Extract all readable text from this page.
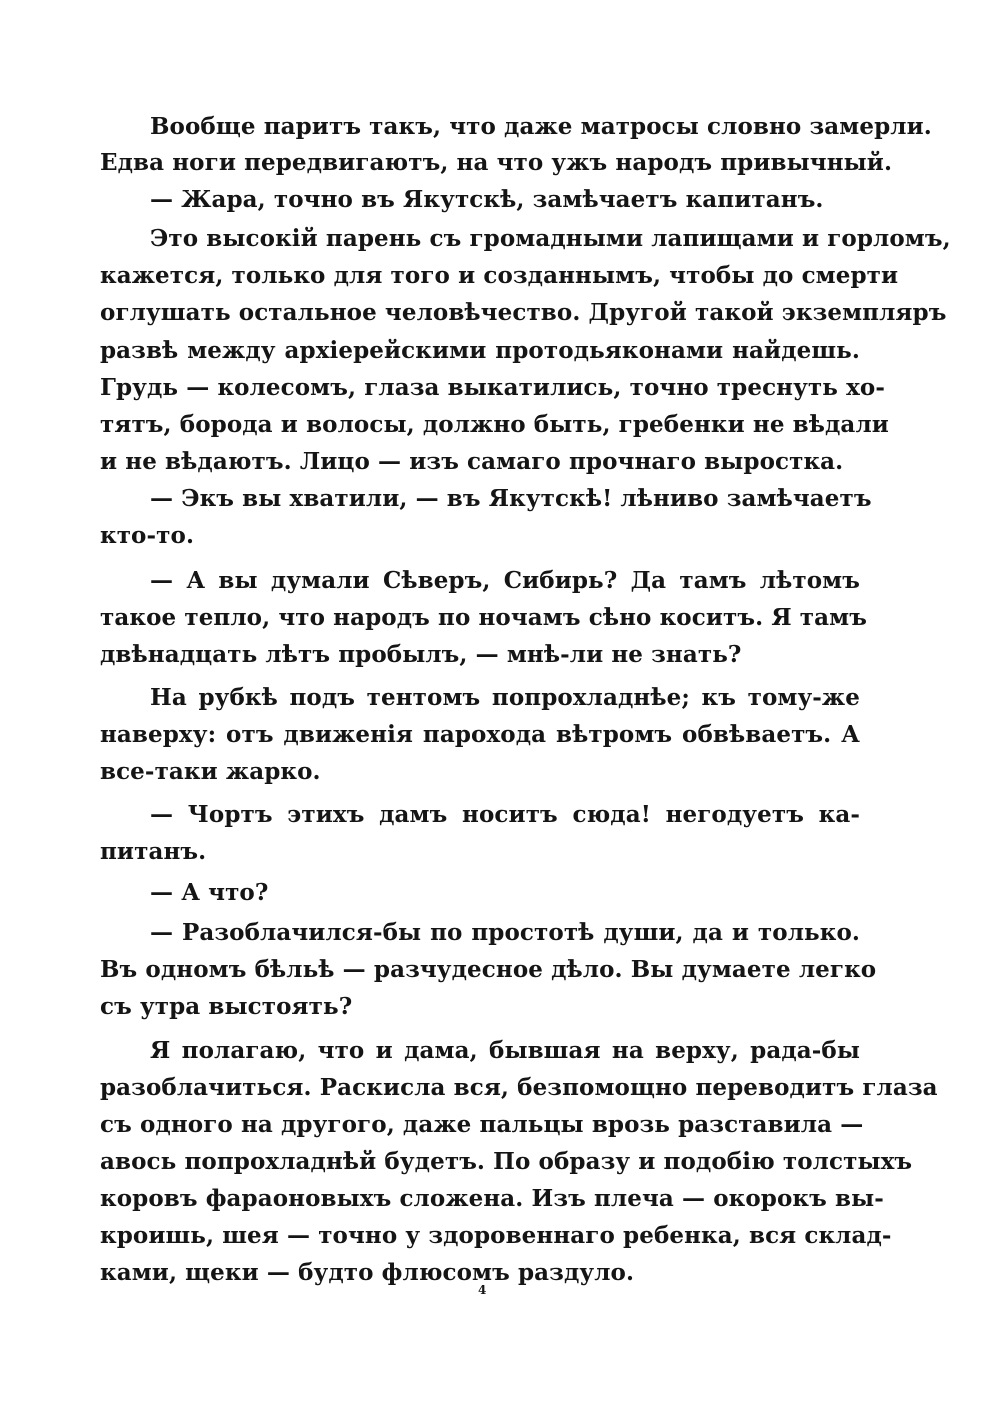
Вообще паритъ такъ, что даже матросы словно замерли.
Едва ноги передвигаютъ, на что ужъ народъ привычный.
— Жара, точно въ Якутскѣ, замѣчаетъ капитанъ.
Это высокій парень съ громадными лапищами и горломъ,
кажется, только для того и созданнымъ, чтобы до смерти
оглушать остальное человѣчество. Другой такой экземпляръ
развѣ между архіерейскими протодьяконами найдешь.
Грудь — колесомъ, глаза выкатились, точно треснуть хо-
тятъ, борода и волосы, должно быть, гребенки не вѣдали
и не вѣдаютъ. Лицо — изъ самаго прочнаго выростка.
— Экъ вы хватили, — въ Якутскѣ! лѣниво замѣчаетъ
кто-то.
— А вы думали Сѣверъ, Сибирь? Да тамъ лѣтомъ
такое тепло, что народъ по ночамъ сѣно коситъ. Я тамъ
двѣнадцать лѣтъ пробылъ, — мнѣ-ли не знать?
На рубкѣ подъ тентомъ попрохладнѣе; къ тому-же
наверху: отъ движенія парохода вѣтромъ обвѣваетъ. А
все-таки жарко.
— Чортъ этихъ дамъ носитъ сюда! негодуетъ ка-
питанъ.
— А что?
— Разоблачился-бы по простотѣ души, да и только.
Въ одномъ бѣльѣ — разчудесное дѣло. Вы думаете легко
съ утра выстоять?
Я полагаю, что и дама, бывшая на верху, рада-бы
разоблачиться. Раскисла вся, безпомощно переводитъ глаза
съ одного на другого, даже пальцы врозь разставила —
авось попрохладнѣй будетъ. По образу и подобію толстыхъ
коровъ фараоновыхъ сложена. Изъ плеча — окорокъ вы-
кроишь, шея — точно у здоровеннаго ребенка, вся склад-
ками, щеки — будто флюсомъ раздуло.
4
